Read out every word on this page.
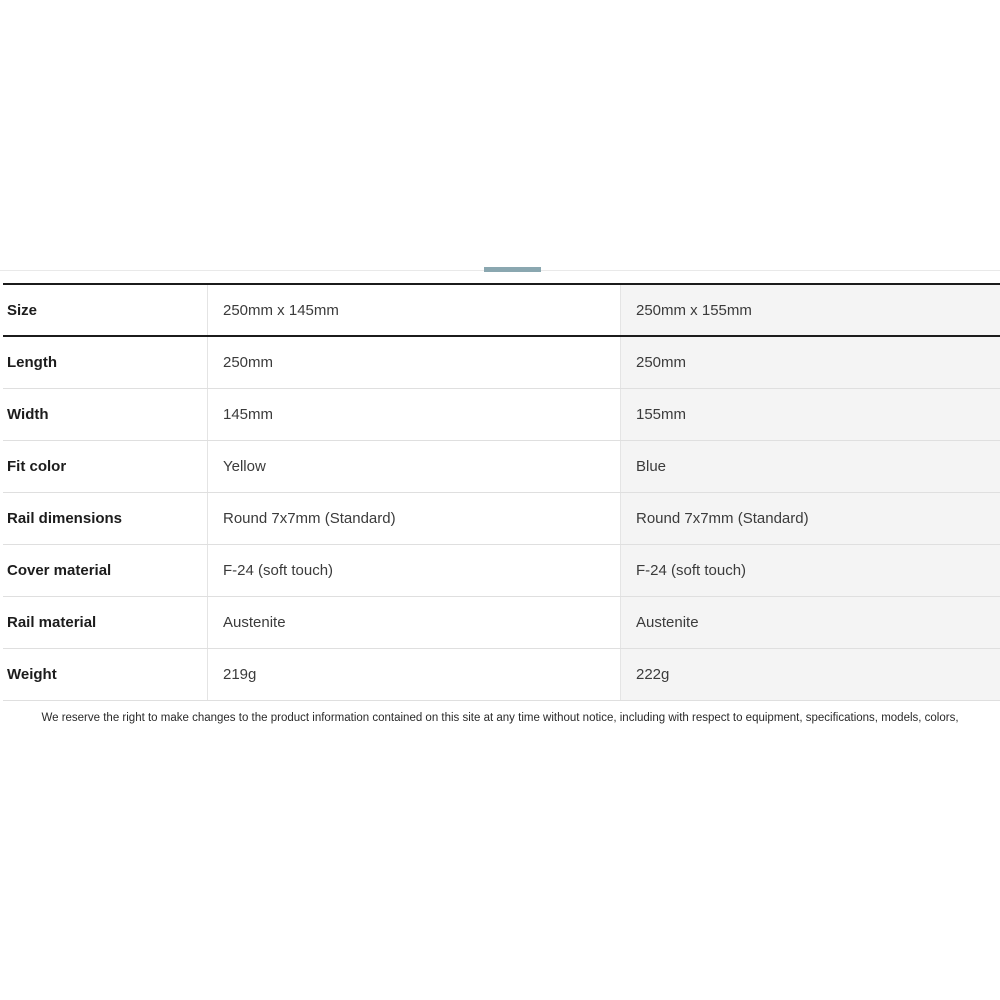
Size	250mm x 145mm	250mm x 155mm
Length	250mm	250mm
Width	145mm	155mm
Fit color	Yellow	Blue
Rail dimensions	Round 7x7mm (Standard)	Round 7x7mm (Standard)
Cover material	F-24 (soft touch)	F-24 (soft touch)
Rail material	Austenite	Austenite
Weight	219g	222g
We reserve the right to make changes to the product information contained on this site at any time without notice, including with respect to equipment, specifications, models, colors,
